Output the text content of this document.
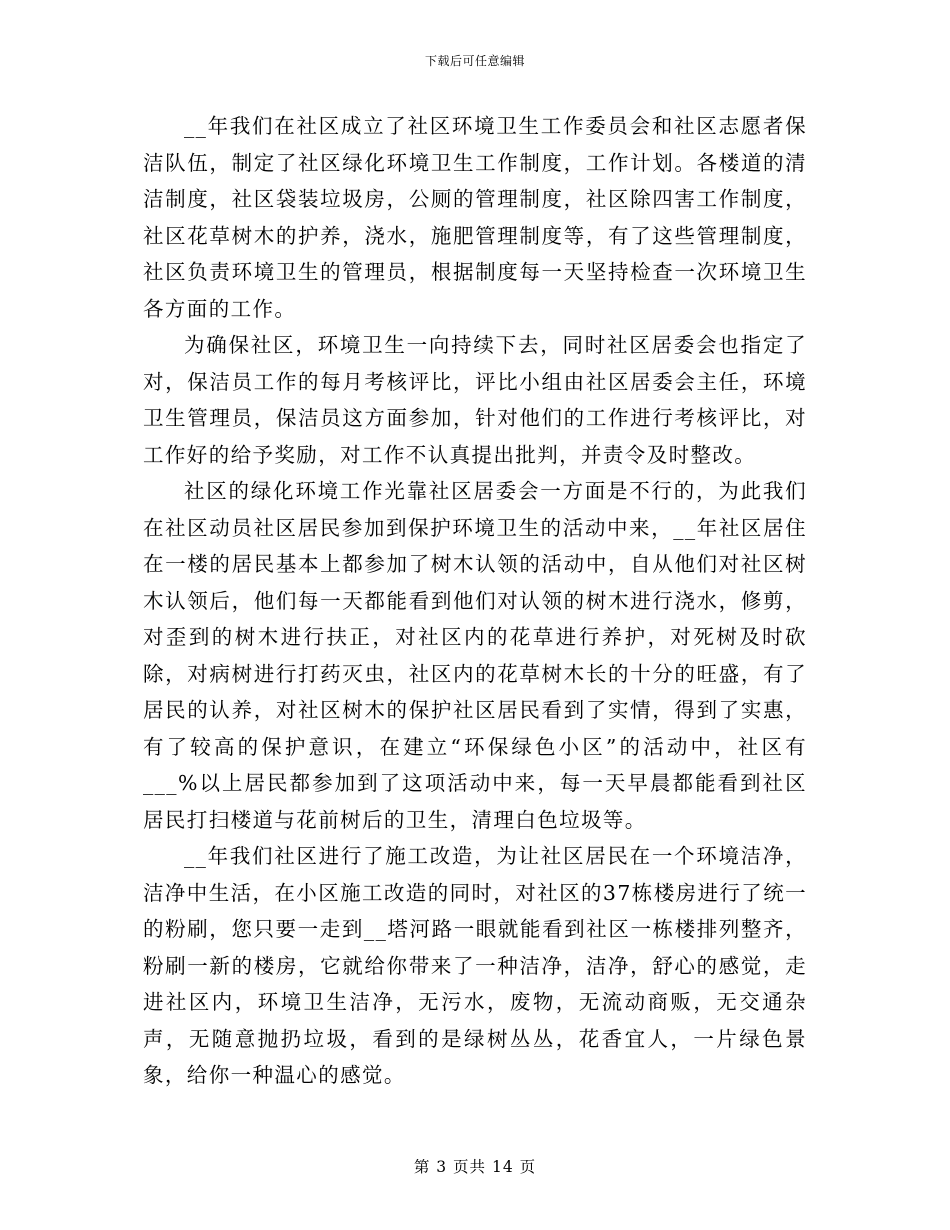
下载后可任意编辑

__年我们在社区成立了社区环境卫生工作委员会和社区志愿者保洁队伍，制定了社区绿化环境卫生工作制度，工作计划。各楼道的清洁制度，社区袋装垃圾房，公厕的管理制度，社区除四害工作制度，社区花草树木的护养，浇水，施肥管理制度等，有了这些管理制度，社区负责环境卫生的管理员，根据制度每一天坚持检查一次环境卫生各方面的工作。

为确保社区，环境卫生一向持续下去，同时社区居委会也指定了对，保洁员工作的每月考核评比，评比小组由社区居委会主任，环境卫生管理员，保洁员这方面参加，针对他们的工作进行考核评比，对工作好的给予奖励，对工作不认真提出批判，并责令及时整改。

社区的绿化环境工作光靠社区居委会一方面是不行的，为此我们在社区动员社区居民参加到保护环境卫生的活动中来，__年社区居住在一楼的居民基本上都参加了树木认领的活动中，自从他们对社区树木认领后，他们每一天都能看到他们对认领的树木进行浇水，修剪，对歪到的树木进行扶正，对社区内的花草进行养护，对死树及时砍除，对病树进行打药灭虫，社区内的花草树木长的十分的旺盛，有了居民的认养，对社区树木的保护社区居民看到了实情，得到了实惠，有了较高的保护意识，在建立“环保绿色小区”的活动中，社区有___%以上居民都参加到了这项活动中来，每一天早晨都能看到社区居民打扫楼道与花前树后的卫生，清理白色垃圾等。

__年我们社区进行了施工改造，为让社区居民在一个环境洁净，洁净中生活，在小区施工改造的同时，对社区的37栋楼房进行了统一的粉刷，您只要一走到__塔河路一眼就能看到社区一栋楼排列整齐，粉刷一新的楼房，它就给你带来了一种洁净，洁净，舒心的感觉，走进社区内，环境卫生洁净，无污水，废物，无流动商贩，无交通杂声，无随意抛扔垃圾，看到的是绿树丛丛，花香宜人，一片绿色景象，给你一种温心的感觉。

第 3 页共 14 页
